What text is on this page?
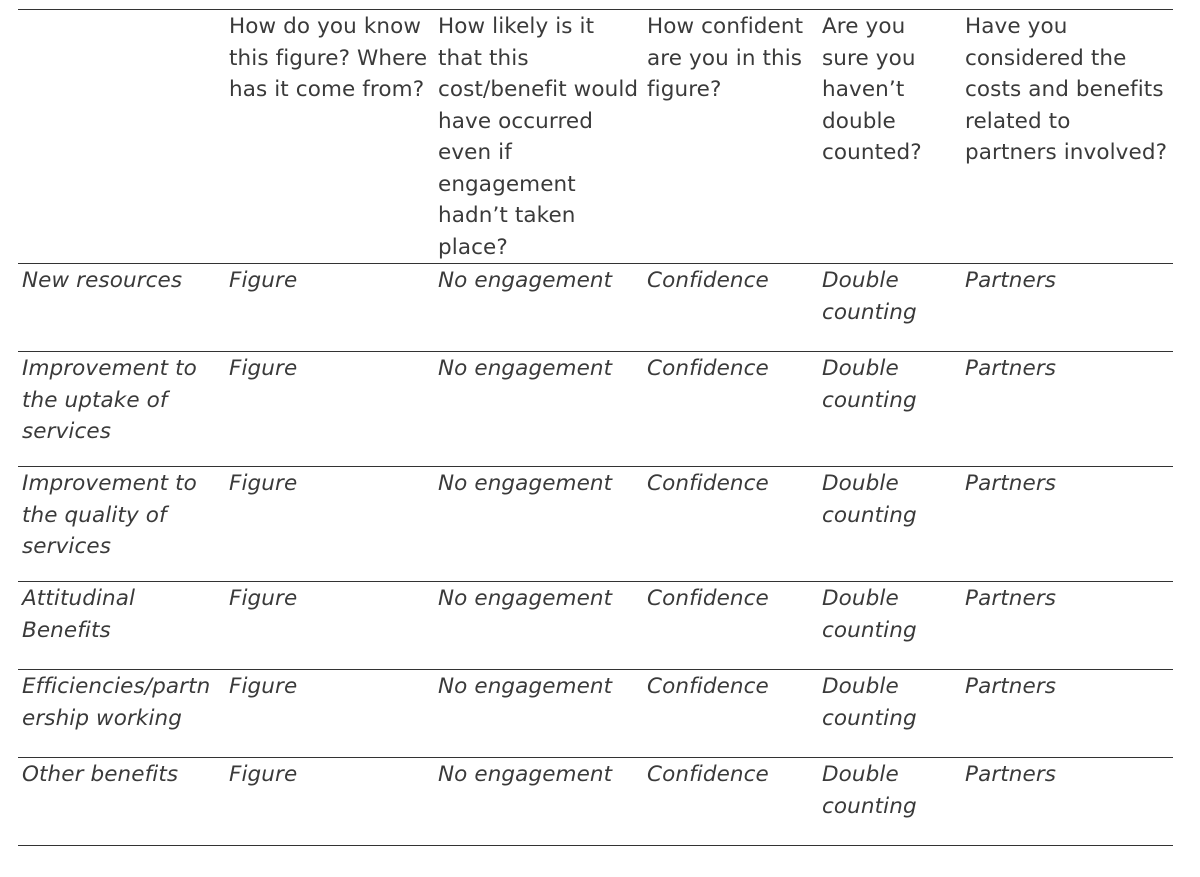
	How do you know this figure? Where has it come from?	How likely is it that this cost/benefit would have occurred even if engagement hadn’t taken place?	How confident are you in this figure?	Are you sure you haven’t double counted?	Have you considered the costs and benefits related to partners involved?
New resources	Figure	No engagement	Confidence	Double counting	Partners
Improvement to the uptake of services	Figure	No engagement	Confidence	Double counting	Partners
Improvement to the quality of services	Figure	No engagement	Confidence	Double counting	Partners
Attitudinal Benefits	Figure	No engagement	Confidence	Double counting	Partners
Efficiencies/partnership working	Figure	No engagement	Confidence	Double counting	Partners
Other benefits	Figure	No engagement	Confidence	Double counting	Partners
